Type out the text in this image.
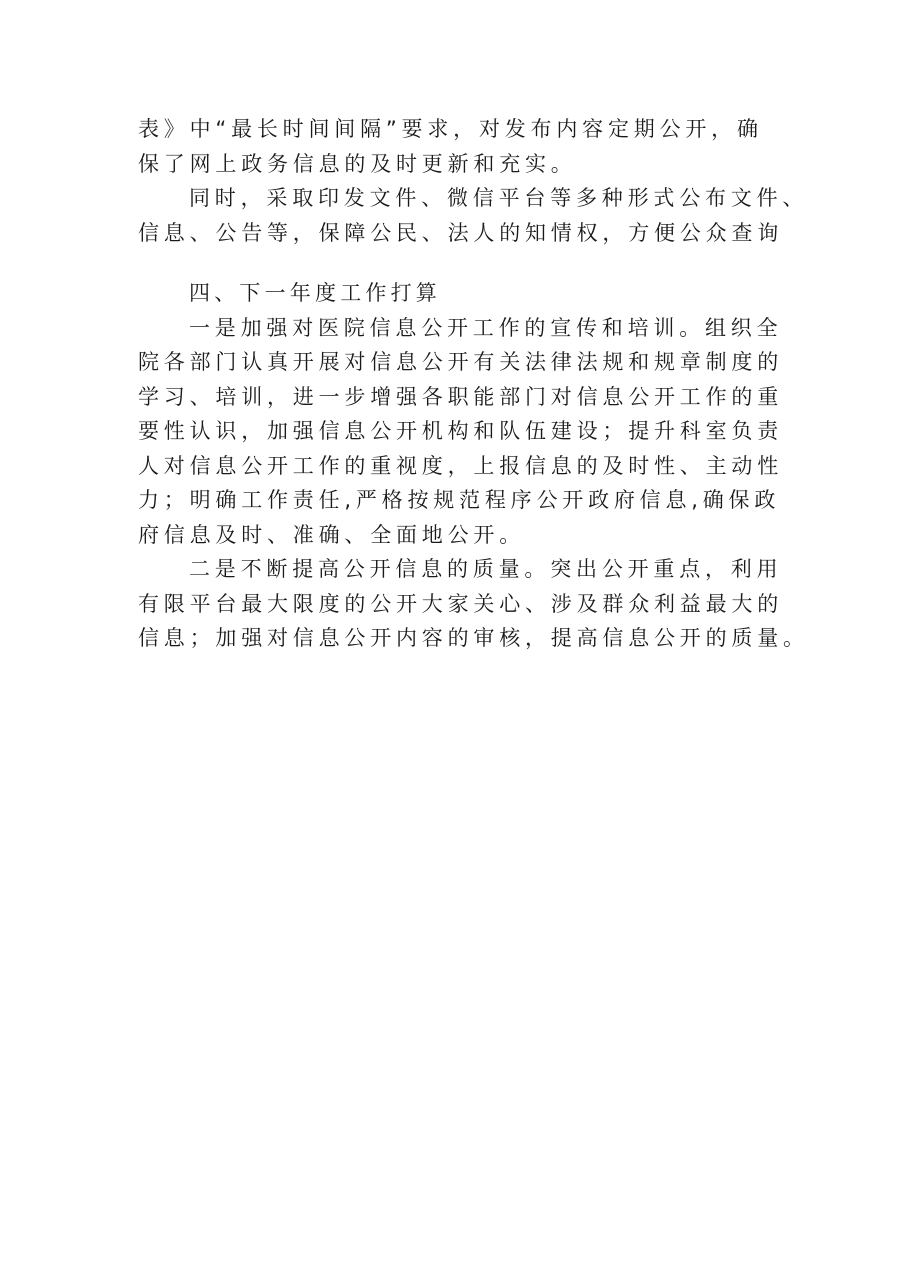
表》中“最长时间间隔”要求，对发布内容定期公开，确
保了网上政务信息的及时更新和充实。
同时，采取印发文件、微信平台等多种形式公布文件、
信息、公告等，保障公民、法人的知情权，方便公众查询
四、下一年度工作打算
一是加强对医院信息公开工作的宣传和培训。组织全
院各部门认真开展对信息公开有关法律法规和规章制度的
学习、培训，进一步增强各职能部门对信息公开工作的重
要性认识，加强信息公开机构和队伍建设；提升科室负责
人对信息公开工作的重视度，上报信息的及时性、主动性
力；明确工作责任,严格按规范程序公开政府信息,确保政
府信息及时、准确、全面地公开。
二是不断提高公开信息的质量。突出公开重点，利用
有限平台最大限度的公开大家关心、涉及群众利益最大的
信息；加强对信息公开内容的审核，提高信息公开的质量。
